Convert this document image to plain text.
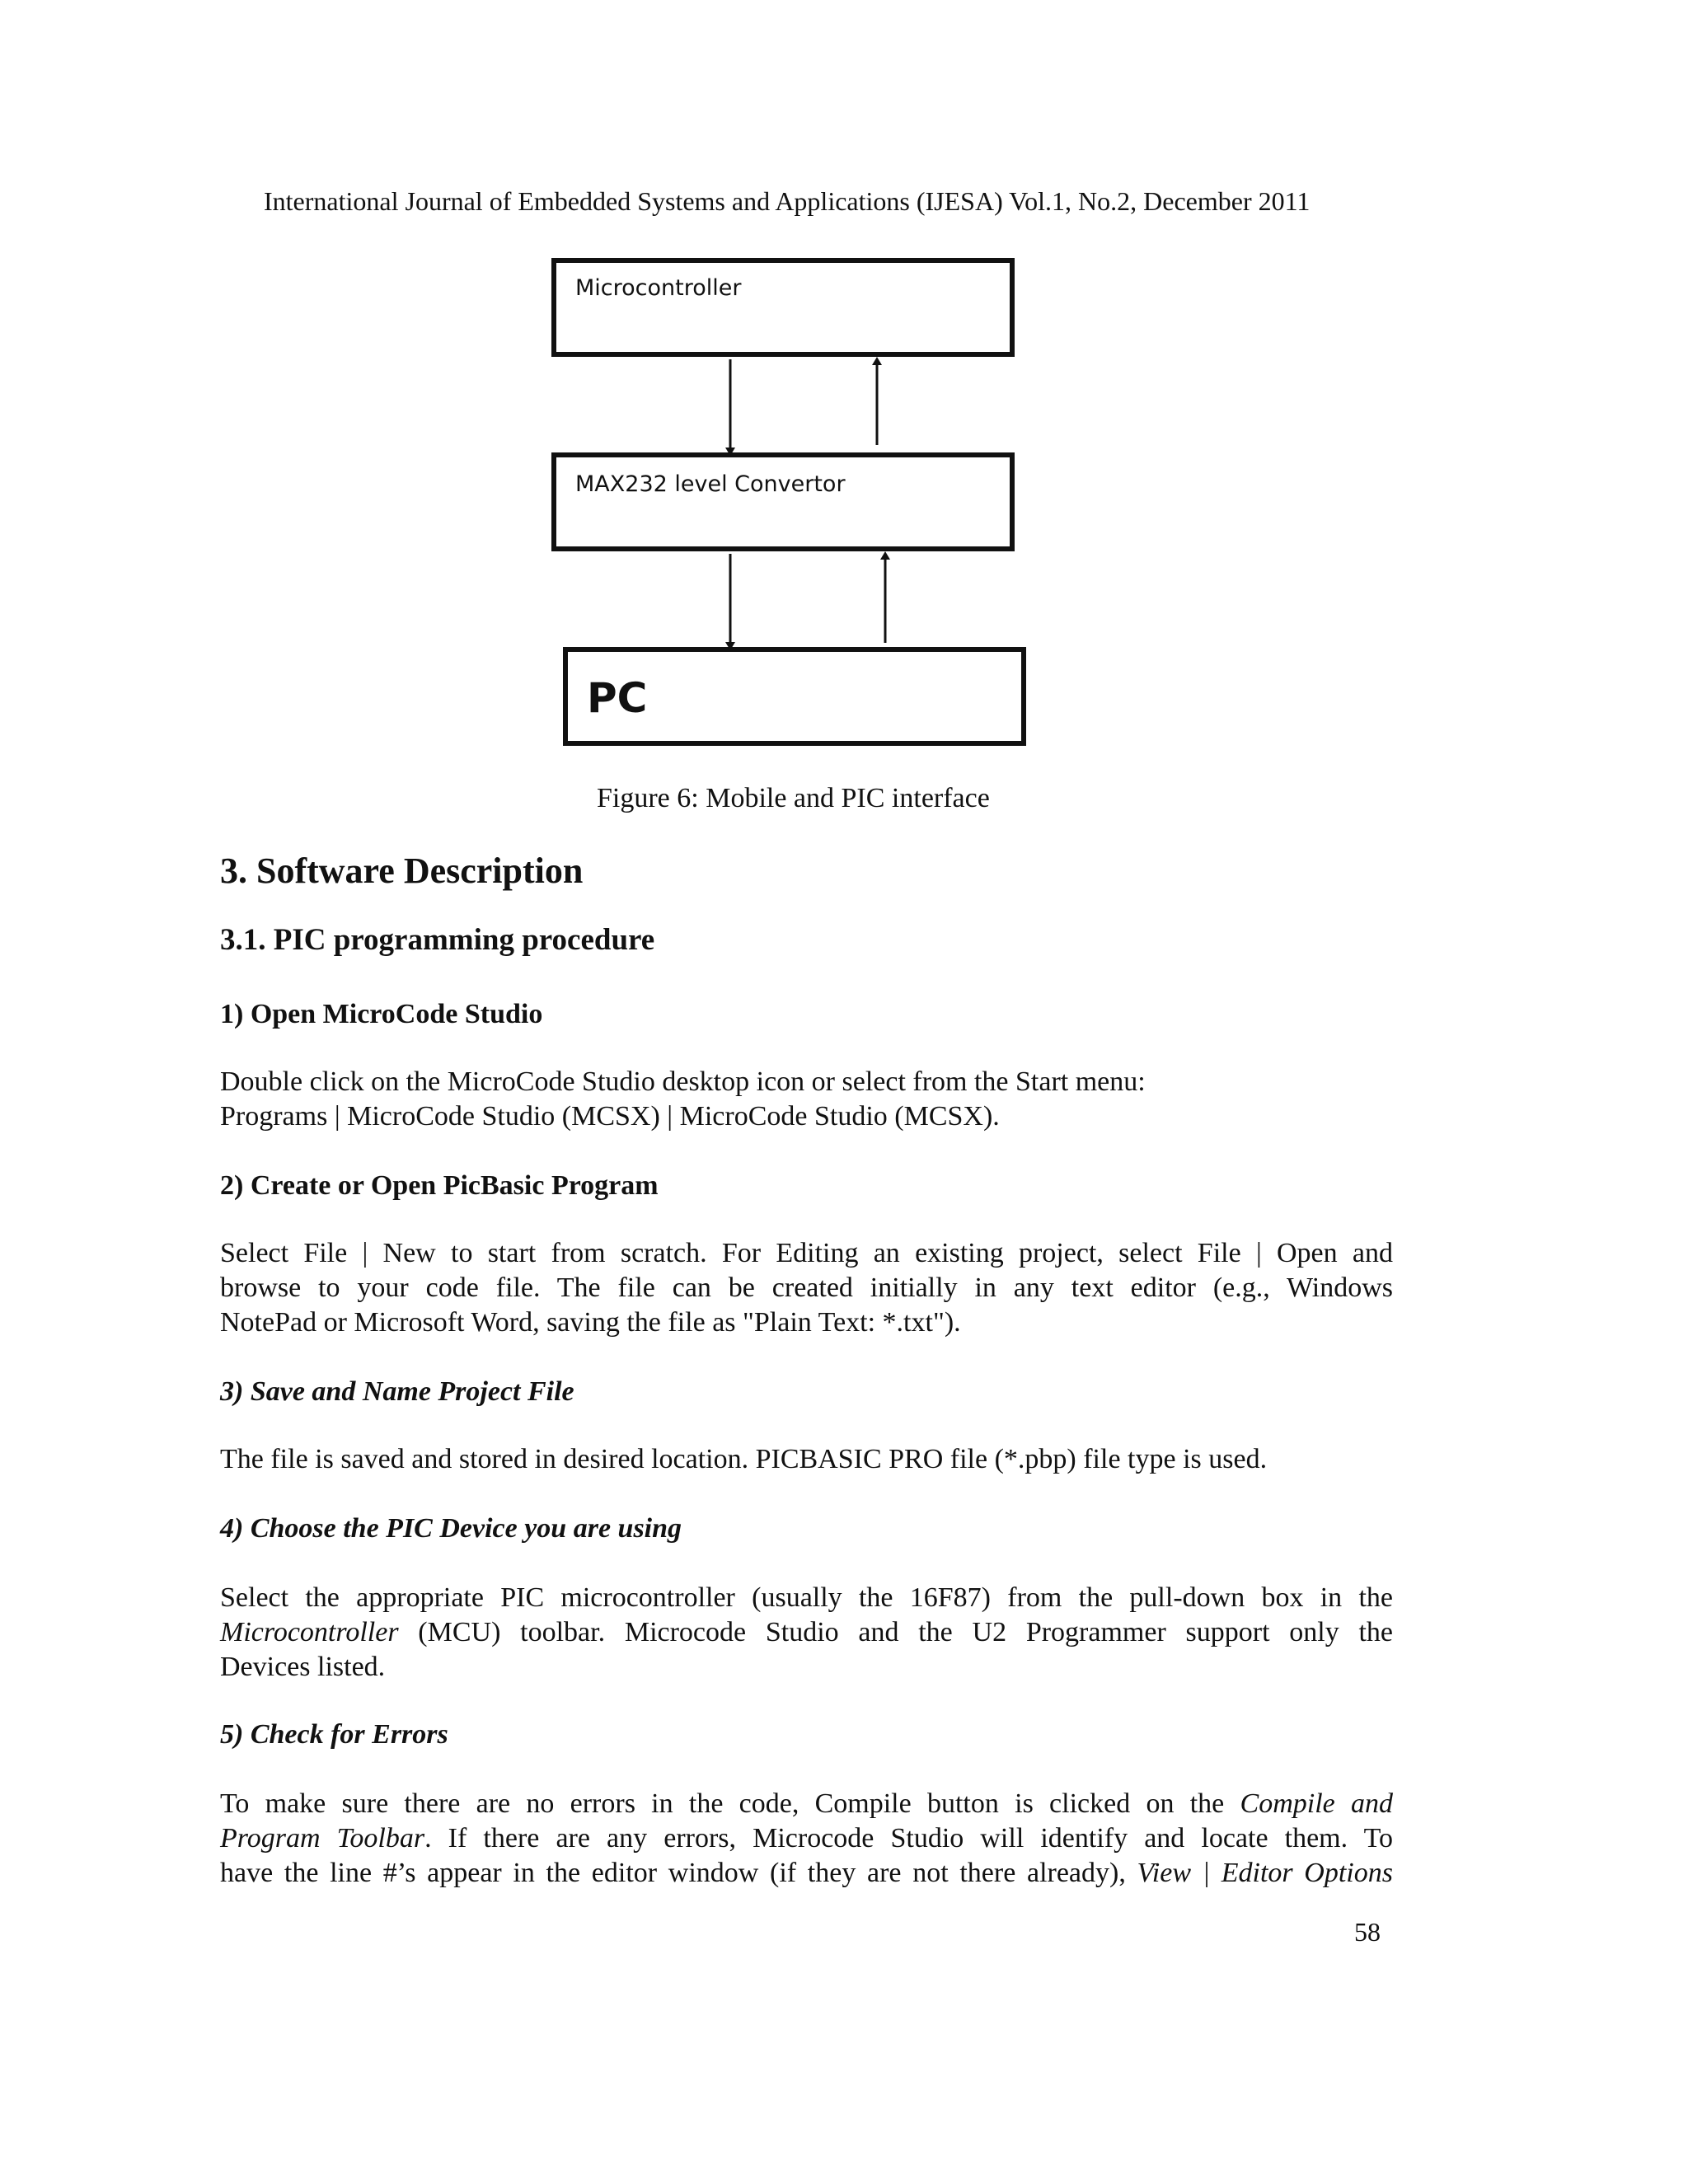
International Journal of Embedded Systems and Applications (IJESA) Vol.1, No.2, December 2011
Microcontroller
MAX232 level Convertor
PC
Figure 6: Mobile and PIC interface
3. Software Description
3.1. PIC programming procedure
1) Open MicroCode Studio
Double click on the MicroCode Studio desktop icon or select from the Start menu:
Programs | MicroCode Studio (MCSX) | MicroCode Studio (MCSX).
2) Create or Open PicBasic Program
Select File | New to start from scratch. For Editing an existing project, select File | Open and
browse to your code file. The file can be created initially in any text editor (e.g., Windows
NotePad or Microsoft Word, saving the file as "Plain Text: *.txt").
3) Save and Name Project File
The file is saved and stored in desired location. PICBASIC PRO file (*.pbp) file type is used.
4) Choose the PIC Device you are using
Select the appropriate PIC microcontroller (usually the 16F87) from the pull-down box in the
Microcontroller (MCU) toolbar. Microcode Studio and the U2 Programmer support only the
Devices listed.
5) Check for Errors
To make sure there are no errors in the code, Compile button is clicked on the Compile and
Program Toolbar. If there are any errors, Microcode Studio will identify and locate them. To
have the line #’s appear in the editor window (if they are not there already), View | Editor Options
58
